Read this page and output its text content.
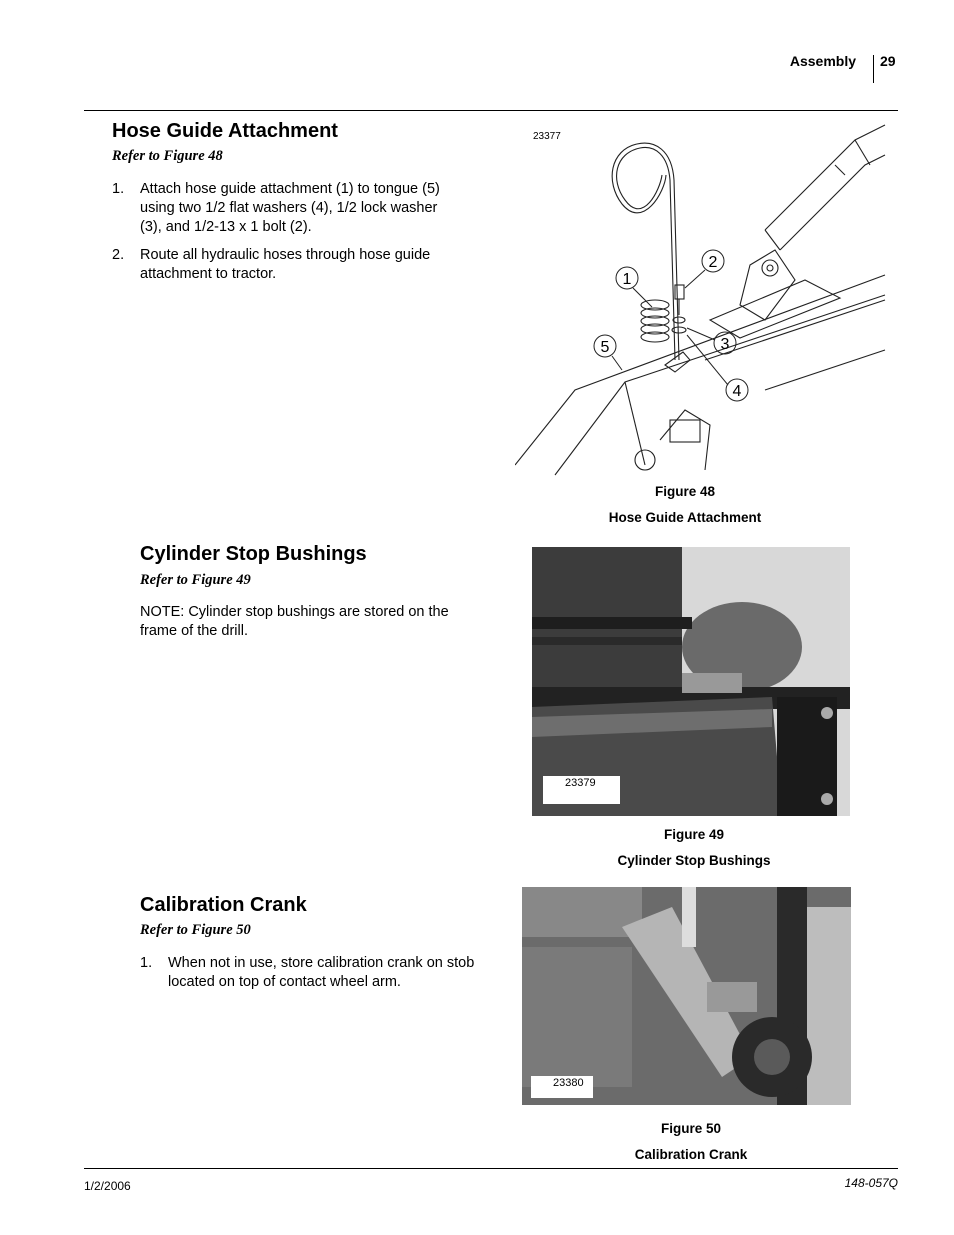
Assembly 29
Hose Guide Attachment
Refer to Figure 48
1. Attach hose guide attachment (1) to tongue (5) using two 1/2 flat washers (4), 1/2 lock washer (3), and 1/2-13 x 1 bolt (2).
2. Route all hydraulic hoses through hose guide attachment to tractor.
23377
1
2
3
4
5
Figure 48
Hose Guide Attachment
Cylinder Stop Bushings
Refer to Figure 49
NOTE: Cylinder stop bushings are stored on the frame of the drill.
23379
Figure 49
Cylinder Stop Bushings
Calibration Crank
Refer to Figure 50
1. When not in use, store calibration crank on stob located on top of contact wheel arm.
23380
Figure 50
Calibration Crank
1/2/2006	148-057Q
